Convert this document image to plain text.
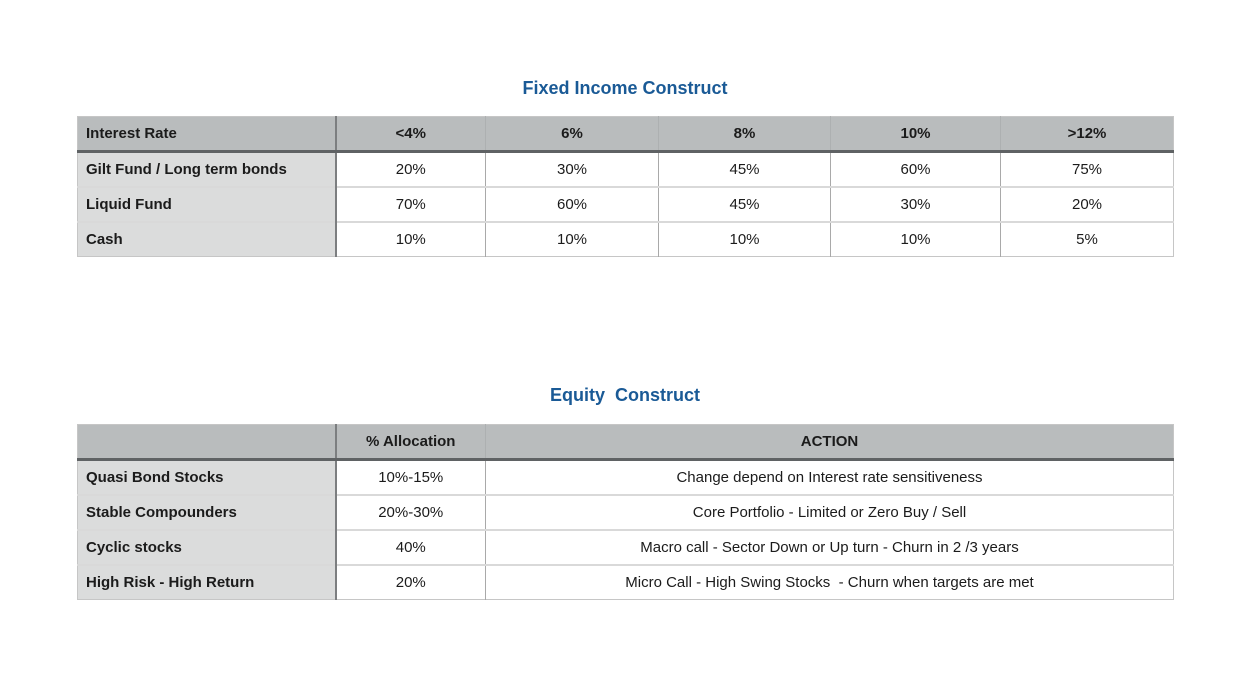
Fixed Income Construct
Interest Rate	<4%	6%	8%	10%	>12%
Gilt Fund / Long term bonds	20%	30%	45%	60%	75%
Liquid Fund	70%	60%	45%	30%	20%
Cash	10%	10%	10%	10%	5%
Equity  Construct
	% Allocation	ACTION
Quasi Bond Stocks	10%-15%	Change depend on Interest rate sensitiveness
Stable Compounders	20%-30%	Core Portfolio - Limited or Zero Buy / Sell
Cyclic stocks	40%	Macro call - Sector Down or Up turn - Churn in 2 /3 years
High Risk - High Return	20%	Micro Call - High Swing Stocks  - Churn when targets are met
